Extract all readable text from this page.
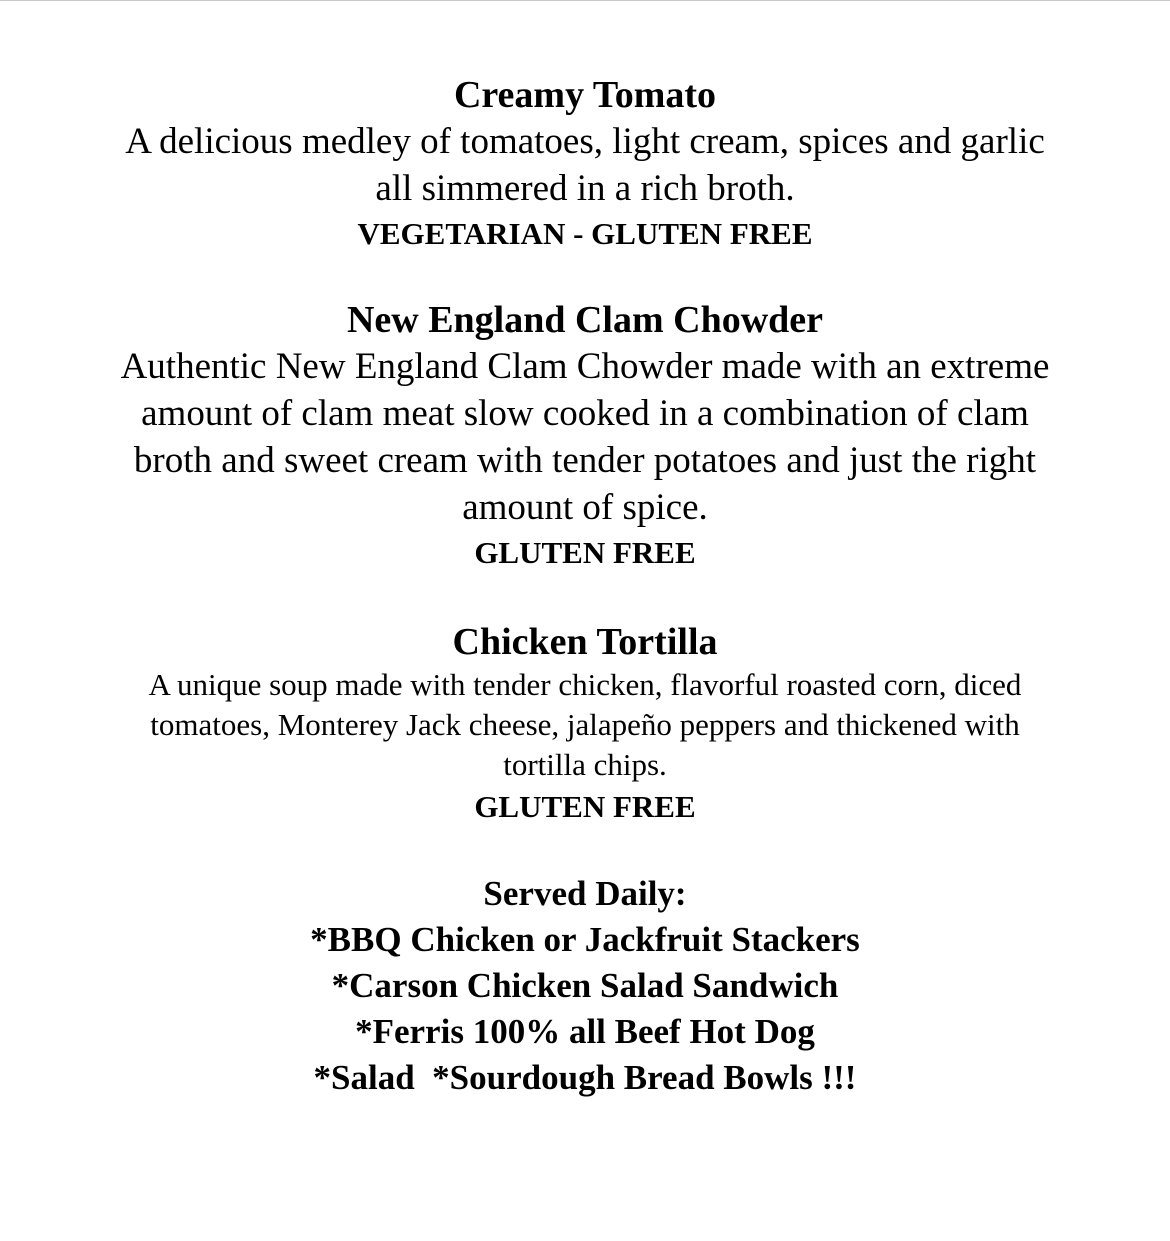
Creamy Tomato

A delicious medley of tomatoes, light cream, spices and garlic
all simmered in a rich broth.

VEGETARIAN - GLUTEN FREE

New England Clam Chowder

Authentic New England Clam Chowder made with an extreme
amount of clam meat slow cooked in a combination of clam
broth and sweet cream with tender potatoes and just the right
amount of spice.

GLUTEN FREE

Chicken Tortilla

A unique soup made with tender chicken, flavorful roasted corn, diced
tomatoes, Monterey Jack cheese, jalapeño peppers and thickened with
tortilla chips.

GLUTEN FREE

Served Daily:

*BBQ Chicken or Jackfruit Stackers

*Carson Chicken Salad Sandwich

*Ferris 100% all Beef Hot Dog

*Salad  *Sourdough Bread Bowls !!!
